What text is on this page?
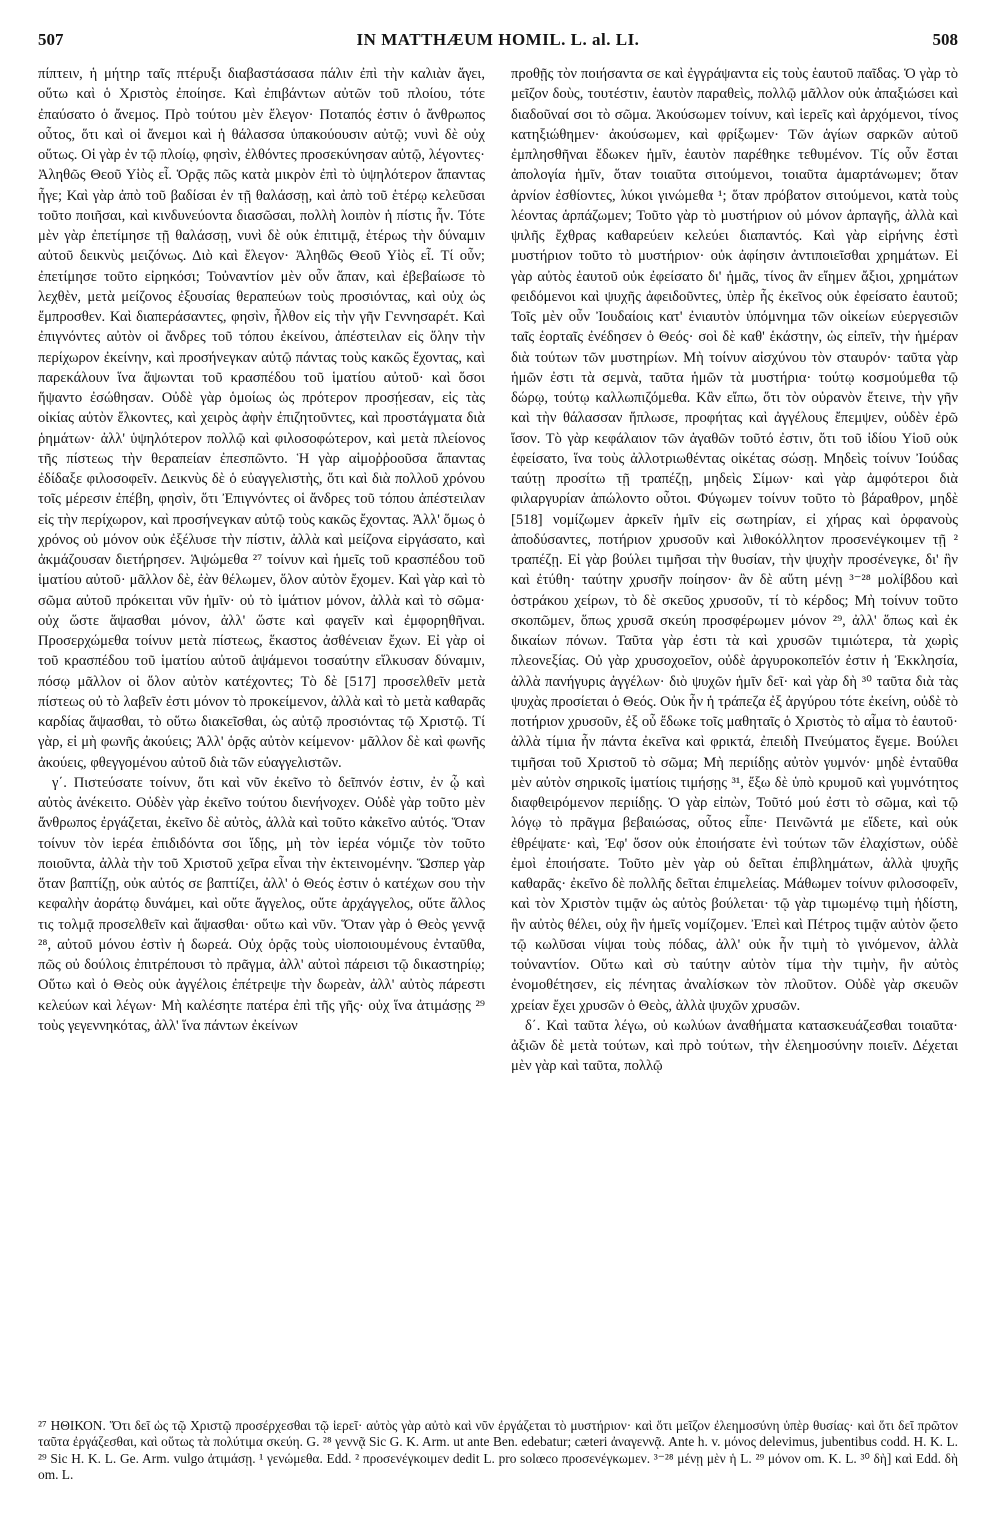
507	IN MATTHÆUM HOMIL. L. al. LI.	508

πίπτειν, ἡ μήτηρ ταῖς πτέρυξι διαβαστάσασα πάλιν ἐπὶ τὴν καλιὰν ἄγει, οὕτω καὶ ὁ Χριστὸς ἐποίησε. Καὶ ἐπιβάντων αὐτῶν τοῦ πλοίου, τότε ἐπαύσατο ὁ ἄνεμος. Πρὸ τούτου μὲν ἔλεγον· Ποταπός ἐστιν ὁ ἄνθρωπος οὗτος, ὅτι καὶ οἱ ἄνεμοι καὶ ἡ θάλασσα ὑπακούουσιν αὐτῷ; νυνὶ δὲ οὐχ οὕτως. Οἱ γὰρ ἐν τῷ πλοίῳ, φησὶν, ἐλθόντες προσεκύνησαν αὐτῷ, λέγοντες· Ἀληθῶς Θεοῦ Υἱὸς εἶ. Ὁρᾷς πῶς κατὰ μικρὸν ἐπὶ τὸ ὑψηλότερον ἅπαντας ἦγε; Καὶ γὰρ ἀπὸ τοῦ βαδίσαι ἐν τῇ θαλάσσῃ, καὶ ἀπὸ τοῦ ἑτέρῳ κελεῦσαι τοῦτο ποιῆσαι, καὶ κινδυνεύοντα διασῶσαι, πολλὴ λοιπὸν ἡ πίστις ἦν. Τότε μὲν γὰρ ἐπετίμησε τῇ θαλάσσῃ, νυνὶ δὲ οὐκ ἐπιτιμᾷ, ἑτέρως τὴν δύναμιν αὐτοῦ δεικνὺς μειζόνως. Διὸ καὶ ἔλεγον· Ἀληθῶς Θεοῦ Υἱὸς εἶ. Τί οὖν; ἐπετίμησε τοῦτο εἰρηκόσι; Τοὐναντίον μὲν οὖν ἅπαν, καὶ ἐβεβαίωσε τὸ λεχθὲν, μετὰ μείζονος ἐξουσίας θεραπεύων τοὺς προσιόντας, καὶ οὐχ ὡς ἔμπροσθεν. Καὶ διαπεράσαντες, φησὶν, ἦλθον εἰς τὴν γῆν Γεννησαρέτ. Καὶ ἐπιγνόντες αὐτὸν οἱ ἄνδρες τοῦ τόπου ἐκείνου, ἀπέστειλαν εἰς ὅλην τὴν περίχωρον ἐκείνην, καὶ προσήνεγκαν αὐτῷ πάντας τοὺς κακῶς ἔχοντας, καὶ παρεκάλουν ἵνα ἅψωνται τοῦ κρασπέδου τοῦ ἱματίου αὐτοῦ· καὶ ὅσοι ἥψαντο ἐσώθησαν. Οὐδὲ γὰρ ὁμοίως ὡς πρότερον προσῄεσαν, εἰς τὰς οἰκίας αὐτὸν ἕλκοντες, καὶ χειρὸς ἀφὴν ἐπιζητοῦντες, καὶ προστάγματα διὰ ῥημάτων· ἀλλ' ὑψηλότερον πολλῷ καὶ φιλοσοφώτερον, καὶ μετὰ πλείονος τῆς πίστεως τὴν θεραπείαν ἐπεσπῶντο. Ἡ γὰρ αἱμοῤῥοοῦσα ἅπαντας ἐδίδαξε φιλοσοφεῖν. Δεικνὺς δὲ ὁ εὐαγγελιστὴς, ὅτι καὶ διὰ πολλοῦ χρόνου τοῖς μέρεσιν ἐπέβη, φησὶν, ὅτι Ἐπιγνόντες οἱ ἄνδρες τοῦ τόπου ἀπέστειλαν εἰς τὴν περίχωρον, καὶ προσήνεγκαν αὐτῷ τοὺς κακῶς ἔχοντας. Ἀλλ' ὅμως ὁ χρόνος οὐ μόνον οὐκ ἐξέλυσε τὴν πίστιν, ἀλλὰ καὶ μείζονα εἰργάσατο, καὶ ἀκμάζουσαν διετήρησεν. Ἁψώμεθα ²⁷ τοίνυν καὶ ἡμεῖς τοῦ κρασπέδου τοῦ ἱματίου αὐτοῦ· μᾶλλον δὲ, ἐὰν θέλωμεν, ὅλον αὐτὸν ἔχομεν. Καὶ γὰρ καὶ τὸ σῶμα αὐτοῦ πρόκειται νῦν ἡμῖν· οὐ τὸ ἱμάτιον μόνον, ἀλλὰ καὶ τὸ σῶμα· οὐχ ὥστε ἅψασθαι μόνον, ἀλλ' ὥστε καὶ φαγεῖν καὶ ἐμφορηθῆναι. Προσερχώμεθα τοίνυν μετὰ πίστεως, ἕκαστος ἀσθένειαν ἔχων. Εἰ γὰρ οἱ τοῦ κρασπέδου τοῦ ἱματίου αὐτοῦ ἁψάμενοι τοσαύτην εἵλκυσαν δύναμιν, πόσῳ μᾶλλον οἱ ὅλον αὐτὸν κατέχοντες; Τὸ δὲ [517] προσελθεῖν μετὰ πίστεως οὐ τὸ λαβεῖν ἐστι μόνον τὸ προκείμενον, ἀλλὰ καὶ τὸ μετὰ καθαρᾶς καρδίας ἅψασθαι, τὸ οὕτω διακεῖσθαι, ὡς αὐτῷ προσιόντας τῷ Χριστῷ. Τί γὰρ, εἰ μὴ φωνῆς ἀκούεις; Ἀλλ' ὁρᾷς αὐτὸν κείμενον· μᾶλλον δὲ καὶ φωνῆς ἀκούεις, φθεγγομένου αὐτοῦ διὰ τῶν εὐαγγελιστῶν.

γ΄. Πιστεύσατε τοίνυν, ὅτι καὶ νῦν ἐκεῖνο τὸ δεῖπνόν ἐστιν, ἐν ᾧ καὶ αὐτὸς ἀνέκειτο. Οὐδὲν γὰρ ἐκεῖνο τούτου διενήνοχεν. Οὐδὲ γὰρ τοῦτο μὲν ἄνθρωπος ἐργάζεται, ἐκεῖνο δὲ αὐτὸς, ἀλλὰ καὶ τοῦτο κἀκεῖνο αὐτός. Ὅταν τοίνυν τὸν ἱερέα ἐπιδιδόντα σοι ἴδῃς, μὴ τὸν ἱερέα νόμιζε τὸν τοῦτο ποιοῦντα, ἀλλὰ τὴν τοῦ Χριστοῦ χεῖρα εἶναι τὴν ἐκτεινομένην. Ὥσπερ γὰρ ὅταν βαπτίζῃ, οὐκ αὐτός σε βαπτίζει, ἀλλ' ὁ Θεός ἐστιν ὁ κατέχων σου τὴν κεφαλὴν ἀοράτῳ δυνάμει, καὶ οὔτε ἄγγελος, οὔτε ἀρχάγγελος, οὔτε ἄλλος τις τολμᾷ προσελθεῖν καὶ ἅψασθαι· οὕτω καὶ νῦν. Ὅταν γὰρ ὁ Θεὸς γεννᾷ ²⁸, αὐτοῦ μόνου ἐστὶν ἡ δωρεά. Οὐχ ὁρᾷς τοὺς υἱοποιουμένους ἐνταῦθα, πῶς οὐ δούλοις ἐπιτρέπουσι τὸ πρᾶγμα, ἀλλ' αὐτοὶ πάρεισι τῷ δικαστηρίῳ; Οὕτω καὶ ὁ Θεὸς οὐκ ἀγγέλοις ἐπέτρεψε τὴν δωρεὰν, ἀλλ' αὐτὸς πάρεστι κελεύων καὶ λέγων· Μὴ καλέσητε πατέρα ἐπὶ τῆς γῆς· οὐχ ἵνα ἀτιμάσῃς ²⁹ τοὺς γεγεννηκότας, ἀλλ' ἵνα πάντων ἐκείνων

προθῇς τὸν ποιήσαντα σε καὶ ἐγγράψαντα εἰς τοὺς ἑαυτοῦ παῖδας. Ὁ γὰρ τὸ μεῖζον δοὺς, τουτέστιν, ἑαυτὸν παραθεὶς, πολλῷ μᾶλλον οὐκ ἀπαξιώσει καὶ διαδοῦναί σοι τὸ σῶμα. Ἀκούσωμεν τοίνυν, καὶ ἱερεῖς καὶ ἀρχόμενοι, τίνος κατηξιώθημεν· ἀκούσωμεν, καὶ φρίξωμεν· Τῶν ἁγίων σαρκῶν αὐτοῦ ἐμπλησθῆναι ἔδωκεν ἡμῖν, ἑαυτὸν παρέθηκε τεθυμένον. Τίς οὖν ἔσται ἀπολογία ἡμῖν, ὅταν τοιαῦτα σιτούμενοι, τοιαῦτα ἁμαρτάνωμεν; ὅταν ἀρνίον ἐσθίοντες, λύκοι γινώμεθα ¹; ὅταν πρόβατον σιτούμενοι, κατὰ τοὺς λέοντας ἁρπάζωμεν; Τοῦτο γὰρ τὸ μυστήριον οὐ μόνον ἁρπαγῆς, ἀλλὰ καὶ ψιλῆς ἔχθρας καθαρεύειν κελεύει διαπαντός. Καὶ γὰρ εἰρήνης ἐστὶ μυστήριον τοῦτο τὸ μυστήριον· οὐκ ἀφίησιν ἀντιποιεῖσθαι χρημάτων. Εἰ γὰρ αὐτὸς ἑαυτοῦ οὐκ ἐφείσατο δι' ἡμᾶς, τίνος ἂν εἴημεν ἄξιοι, χρημάτων φειδόμενοι καὶ ψυχῆς ἀφειδοῦντες, ὑπὲρ ἧς ἐκεῖνος οὐκ ἐφείσατο ἑαυτοῦ; Τοῖς μὲν οὖν Ἰουδαίοις κατ' ἐνιαυτὸν ὑπόμνημα τῶν οἰκείων εὐεργεσιῶν ταῖς ἑορταῖς ἐνέδησεν ὁ Θεός· σοὶ δὲ καθ' ἑκάστην, ὡς εἰπεῖν, τὴν ἡμέραν διὰ τούτων τῶν μυστηρίων. Μὴ τοίνυν αἰσχύνου τὸν σταυρόν· ταῦτα γὰρ ἡμῶν ἐστι τὰ σεμνὰ, ταῦτα ἡμῶν τὰ μυστήρια· τούτῳ κοσμούμεθα τῷ δώρῳ, τούτῳ καλλωπιζόμεθα. Κἂν εἴπω, ὅτι τὸν οὐρανὸν ἔτεινε, τὴν γῆν καὶ τὴν θάλασσαν ἥπλωσε, προφήτας καὶ ἀγγέλους ἔπεμψεν, οὐδὲν ἐρῶ ἴσον. Τὸ γὰρ κεφάλαιον τῶν ἀγαθῶν τοῦτό ἐστιν, ὅτι τοῦ ἰδίου Υἱοῦ οὐκ ἐφείσατο, ἵνα τοὺς ἀλλοτριωθέντας οἰκέτας σώσῃ. Μηδεὶς τοίνυν Ἰούδας ταύτῃ προσίτω τῇ τραπέζῃ, μηδεὶς Σίμων· καὶ γὰρ ἀμφότεροι διὰ φιλαργυρίαν ἀπώλοντο οὗτοι. Φύγωμεν τοίνυν τοῦτο τὸ βάραθρον, μηδὲ [518] νομίζωμεν ἀρκεῖν ἡμῖν εἰς σωτηρίαν, εἰ χήρας καὶ ὀρφανοὺς ἀποδύσαντες, ποτήριον χρυσοῦν καὶ λιθοκόλλητον προσενέγκοιμεν τῇ ² τραπέζῃ. Εἰ γὰρ βούλει τιμῆσαι τὴν θυσίαν, τὴν ψυχὴν προσένεγκε, δι' ἣν καὶ ἐτύθη· ταύτην χρυσῆν ποίησον· ἂν δὲ αὕτη μένῃ ³⁻²⁸ μολίβδου καὶ ὀστράκου χείρων, τὸ δὲ σκεῦος χρυσοῦν, τί τὸ κέρδος; Μὴ τοίνυν τοῦτο σκοπῶμεν, ὅπως χρυσᾶ σκεύη προσφέρωμεν μόνον ²⁹, ἀλλ' ὅπως καὶ ἐκ δικαίων πόνων. Ταῦτα γὰρ ἐστι τὰ καὶ χρυσῶν τιμιώτερα, τὰ χωρὶς πλεονεξίας. Οὐ γὰρ χρυσοχοεῖον, οὐδὲ ἀργυροκοπεῖόν ἐστιν ἡ Ἐκκλησία, ἀλλὰ πανήγυρις ἀγγέλων· διὸ ψυχῶν ἡμῖν δεῖ· καὶ γὰρ δὴ ³⁰ ταῦτα διὰ τὰς ψυχὰς προσίεται ὁ Θεός. Οὐκ ἦν ἡ τράπεζα ἐξ ἀργύρου τότε ἐκείνη, οὐδὲ τὸ ποτήριον χρυσοῦν, ἐξ οὗ ἔδωκε τοῖς μαθηταῖς ὁ Χριστὸς τὸ αἷμα τὸ ἑαυτοῦ· ἀλλὰ τίμια ἦν πάντα ἐκεῖνα καὶ φρικτά, ἐπειδὴ Πνεύματος ἔγεμε. Βούλει τιμῆσαι τοῦ Χριστοῦ τὸ σῶμα; Μὴ περιίδῃς αὐτὸν γυμνόν· μηδὲ ἐνταῦθα μὲν αὐτὸν σηρικοῖς ἱματίοις τιμήσῃς ³¹, ἔξω δὲ ὑπὸ κρυμοῦ καὶ γυμνότητος διαφθειρόμενον περιίδῃς. Ὁ γὰρ εἰπὼν, Τοῦτό μού ἐστι τὸ σῶμα, καὶ τῷ λόγῳ τὸ πρᾶγμα βεβαιώσας, οὗτος εἶπε· Πεινῶντά με εἴδετε, καὶ οὐκ ἐθρέψατε· καὶ, Ἐφ' ὅσον οὐκ ἐποιήσατε ἑνὶ τούτων τῶν ἐλαχίστων, οὐδὲ ἐμοὶ ἐποιήσατε. Τοῦτο μὲν γὰρ οὐ δεῖται ἐπιβλημάτων, ἀλλὰ ψυχῆς καθαρᾶς· ἐκεῖνο δὲ πολλῆς δεῖται ἐπιμελείας. Μάθωμεν τοίνυν φιλοσοφεῖν, καὶ τὸν Χριστὸν τιμᾷν ὡς αὐτὸς βούλεται· τῷ γὰρ τιμωμένῳ τιμὴ ἡδίστη, ἣν αὐτὸς θέλει, οὐχ ἣν ἡμεῖς νομίζομεν. Ἐπεὶ καὶ Πέτρος τιμᾷν αὐτὸν ᾤετο τῷ κωλῦσαι νίψαι τοὺς πόδας, ἀλλ' οὐκ ἦν τιμὴ τὸ γινόμενον, ἀλλὰ τοὐναντίον. Οὕτω καὶ σὺ ταύτην αὐτὸν τίμα τὴν τιμὴν, ἣν αὐτὸς ἐνομοθέτησεν, εἰς πένητας ἀναλίσκων τὸν πλοῦτον. Οὐδὲ γὰρ σκευῶν χρείαν ἔχει χρυσῶν ὁ Θεὸς, ἀλλὰ ψυχῶν χρυσῶν.

δ΄. Καὶ ταῦτα λέγω, οὐ κωλύων ἀναθήματα κατασκευάζεσθαι τοιαῦτα· ἀξιῶν δὲ μετὰ τούτων, καὶ πρὸ τούτων, τὴν ἐλεημοσύνην ποιεῖν. Δέχεται μὲν γὰρ καὶ ταῦτα, πολλῷ

²⁷ ΗΘΙΚΟΝ. Ὅτι δεῖ ὡς τῷ Χριστῷ προσέρχεσθαι τῷ ἱερεῖ· αὐτὸς γὰρ αὐτὸ καὶ νῦν ἐργάζεται τὸ μυστήριον· καὶ ὅτι μεῖζον ἐλεημοσύνη ὑπὲρ θυσίας· καὶ ὅτι δεῖ πρῶτον ταῦτα ἐργάζεσθαι, καὶ οὕτως τὰ πολύτιμα σκεύη. G. ²⁸ γεννᾷ Sic G. K. Arm. ut ante Ben. edebatur; cæteri ἀναγεννᾷ. Ante h. v. μόνος delevimus, jubentibus codd. H. K. L. ²⁹ Sic H. K. L. Ge. Arm. vulgo ἀτιμάσῃ. ¹ γενώμεθα. Edd. ² προσενέγκοιμεν dedit L. pro solœco προσενέγκωμεν. ³⁻²⁸ μένῃ μὲν ἡ L. ²⁹ μόνον om. K. L. ³⁰ δὴ] καὶ Edd. δὴ om. L.
